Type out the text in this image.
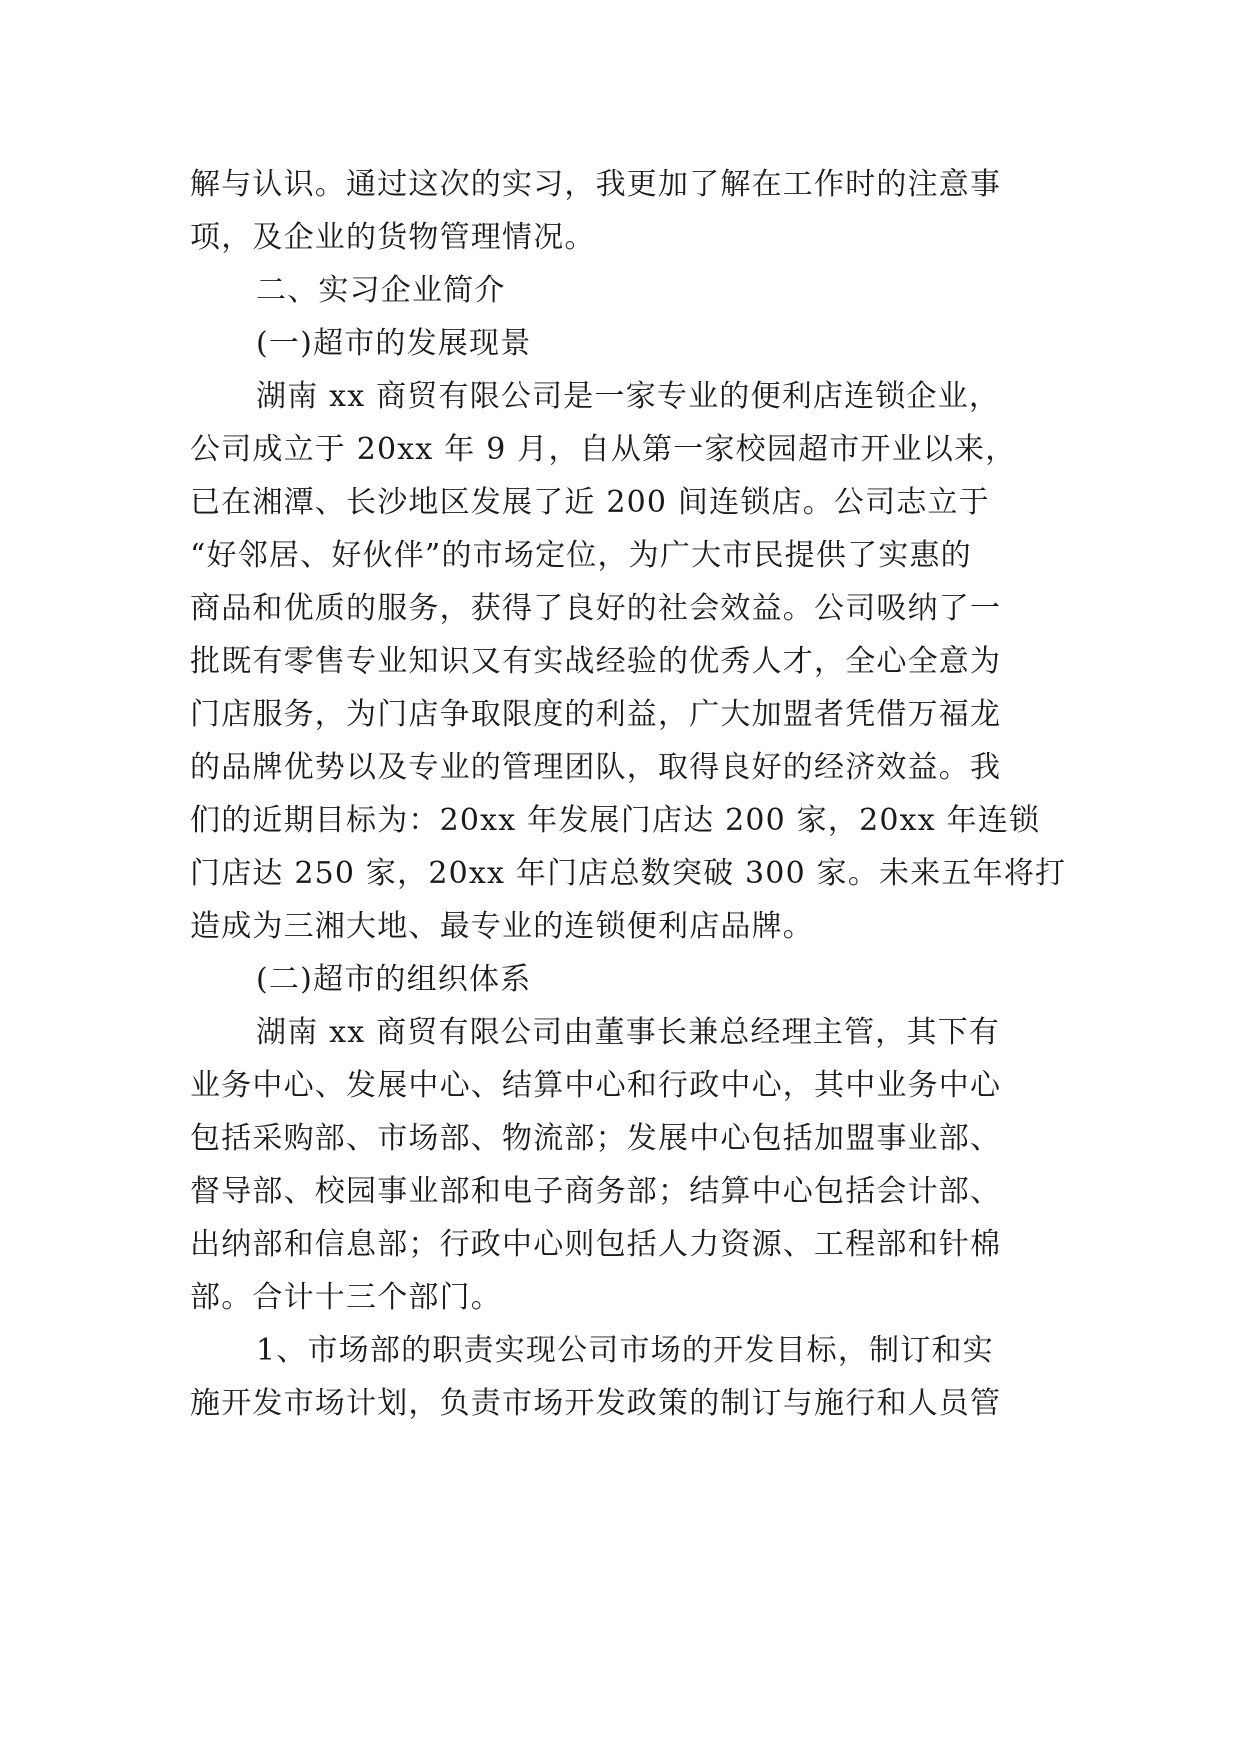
解与认识。通过这次的实习，我更加了解在工作时的注意事
项，及企业的货物管理情况。
二、实习企业简介
(一)超市的发展现景
湖南 xx 商贸有限公司是一家专业的便利店连锁企业，
公司成立于 20xx 年 9 月，自从第一家校园超市开业以来，
已在湘潭、长沙地区发展了近 200 间连锁店。公司志立于
“好邻居、好伙伴”的市场定位，为广大市民提供了实惠的
商品和优质的服务，获得了良好的社会效益。公司吸纳了一
批既有零售专业知识又有实战经验的优秀人才，全心全意为
门店服务，为门店争取限度的利益，广大加盟者凭借万福龙
的品牌优势以及专业的管理团队，取得良好的经济效益。我
们的近期目标为：20xx 年发展门店达 200 家，20xx 年连锁
门店达 250 家，20xx 年门店总数突破 300 家。未来五年将打
造成为三湘大地、最专业的连锁便利店品牌。
(二)超市的组织体系
湖南 xx 商贸有限公司由董事长兼总经理主管，其下有
业务中心、发展中心、结算中心和行政中心，其中业务中心
包括采购部、市场部、物流部；发展中心包括加盟事业部、
督导部、校园事业部和电子商务部；结算中心包括会计部、
出纳部和信息部；行政中心则包括人力资源、工程部和针棉
部。合计十三个部门。
1、市场部的职责实现公司市场的开发目标，制订和实
施开发市场计划，负责市场开发政策的制订与施行和人员管
